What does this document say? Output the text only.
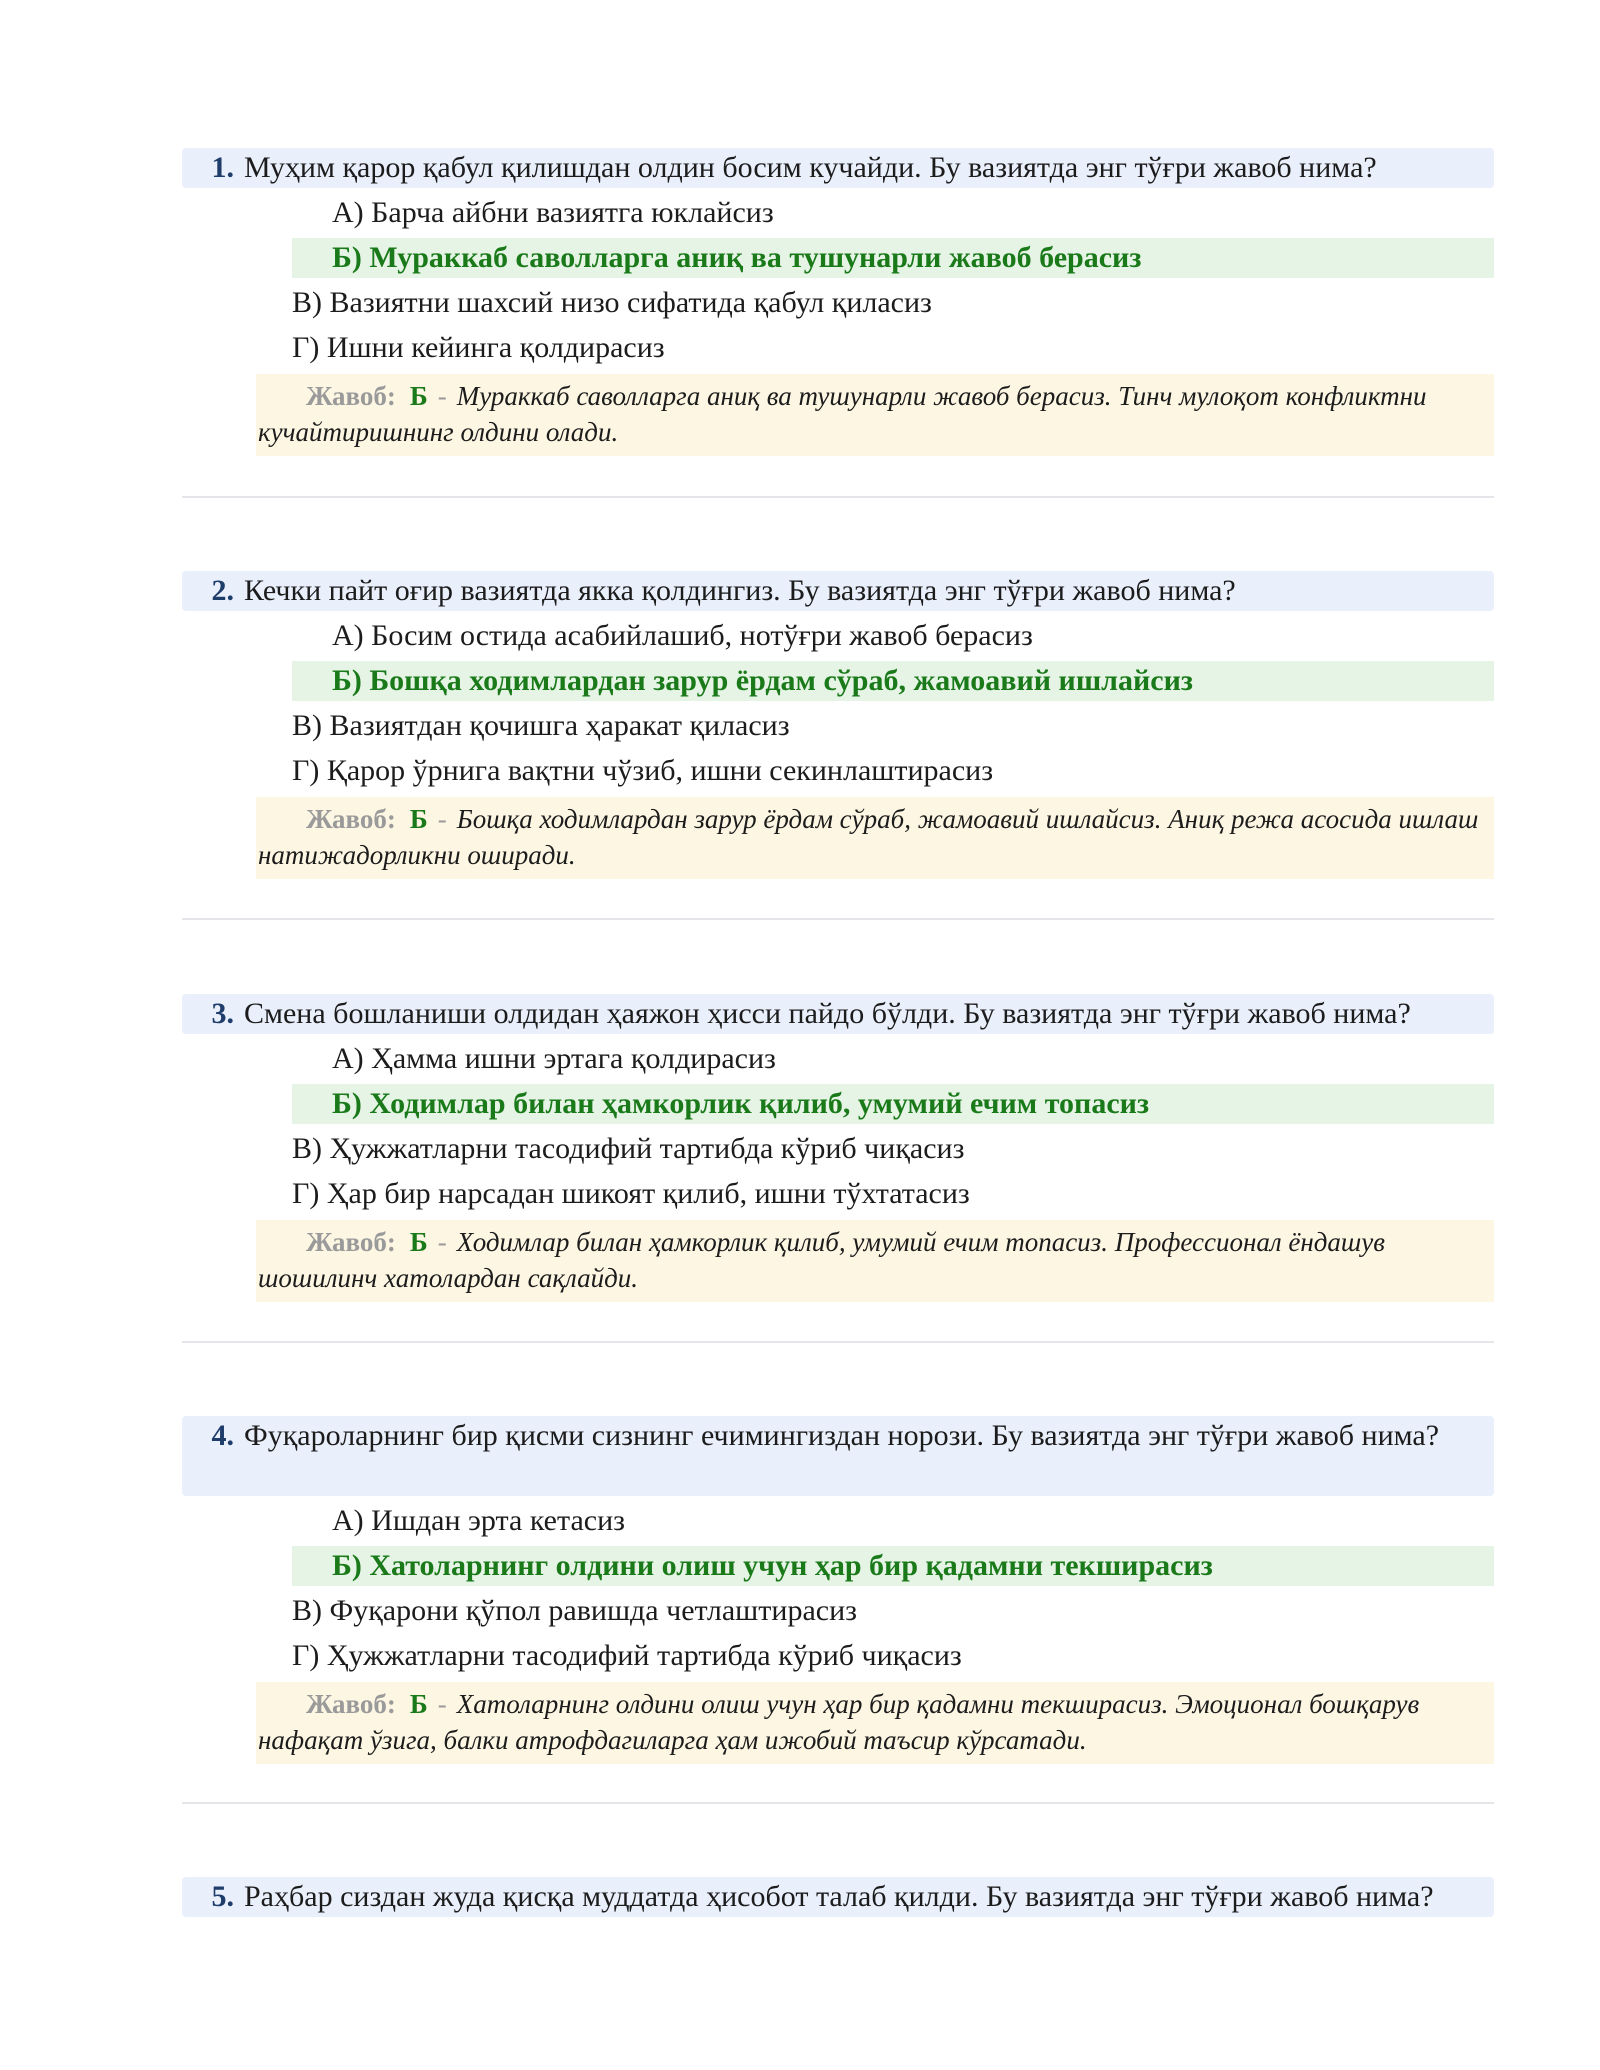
1. Муҳим қарор қабул қилишдан олдин босим кучайди. Бу вазиятда энг тўғри жавоб нима?
А) Барча айбни вазиятга юклайсиз
Б) Мураккаб саволларга аниқ ва тушунарли жавоб берасиз
В) Вазиятни шахсий низо сифатида қабул қиласиз
Г) Ишни кейинга қолдирасиз
Жавоб: Б - Мураккаб саволларга аниқ ва тушунарли жавоб берасиз. Тинч мулоқот конфликтни кучайтиришнинг олдини олади.
2. Кечки пайт оғир вазиятда якка қолдингиз. Бу вазиятда энг тўғри жавоб нима?
А) Босим остида асабийлашиб, нотўғри жавоб берасиз
Б) Бошқа ходимлардан зарур ёрдам сўраб, жамоавий ишлайсиз
В) Вазиятдан қочишга ҳаракат қиласиз
Г) Қарор ўрнига вақтни чўзиб, ишни секинлаштирасиз
Жавоб: Б - Бошқа ходимлардан зарур ёрдам сўраб, жамоавий ишлайсиз. Аниқ режа асосида ишлаш натижадорликни оширади.
3. Смена бошланиши олдидан ҳаяжон ҳисси пайдо бўлди. Бу вазиятда энг тўғри жавоб нима?
А) Ҳамма ишни эртага қолдирасиз
Б) Ходимлар билан ҳамкорлик қилиб, умумий ечим топасиз
В) Ҳужжатларни тасодифий тартибда кўриб чиқасиз
Г) Ҳар бир нарсадан шикоят қилиб, ишни тўхтатасиз
Жавоб: Б - Ходимлар билан ҳамкорлик қилиб, умумий ечим топасиз. Профессионал ёндашув шошилинч хатолардан сақлайди.
4. Фуқароларнинг бир қисми сизнинг ечимингиздан норози. Бу вазиятда энг тўғри жавоб нима?
А) Ишдан эрта кетасиз
Б) Хатоларнинг олдини олиш учун ҳар бир қадамни текширасиз
В) Фуқарони қўпол равишда четлаштирасиз
Г) Ҳужжатларни тасодифий тартибда кўриб чиқасиз
Жавоб: Б - Хатоларнинг олдини олиш учун ҳар бир қадамни текширасиз. Эмоционал бошқарув нафақат ўзига, балки атрофдагиларга ҳам ижобий таъсир кўрсатади.
5. Раҳбар сиздан жуда қисқа муддатда ҳисобот талаб қилди. Бу вазиятда энг тўғри жавоб нима?
